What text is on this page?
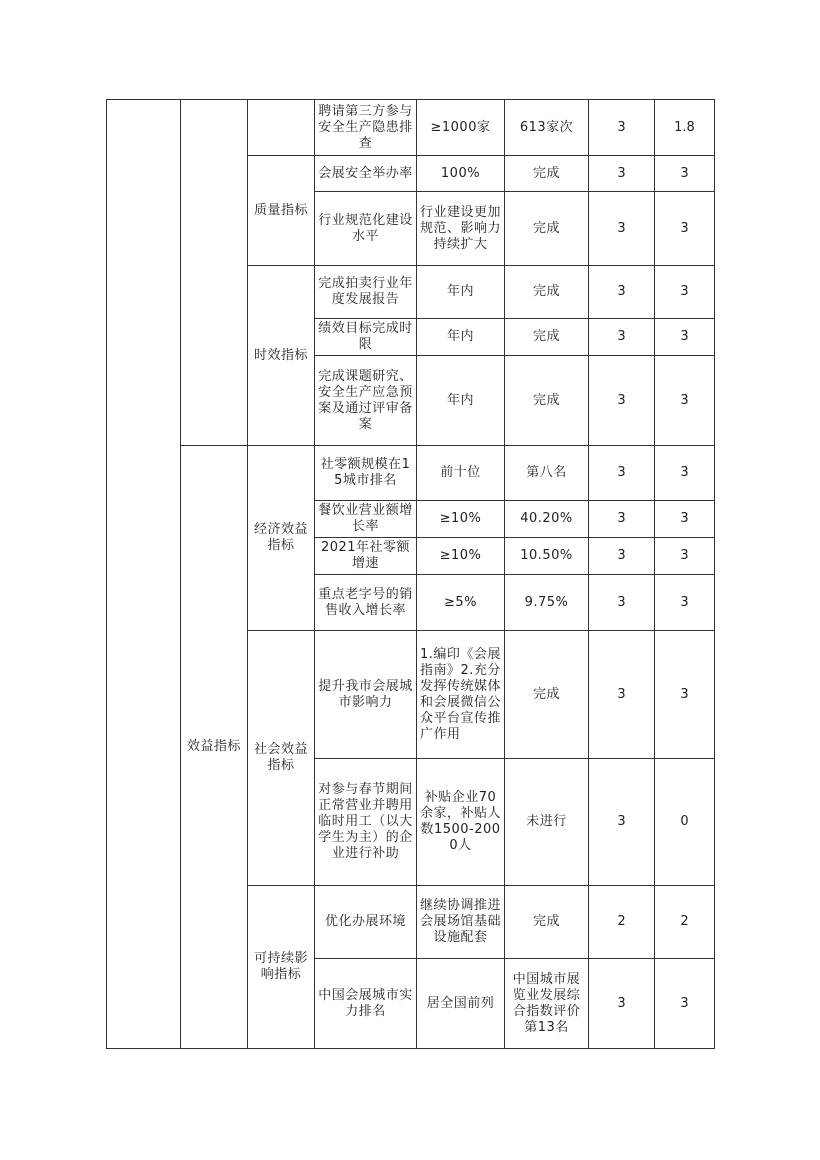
			聘请第三方参与安全生产隐患排查	≥1000家	613家次	3	1.8
		质量指标	会展安全举办率	100%	完成	3	3
			行业规范化建设水平	行业建设更加规范、影响力持续扩大	完成	3	3
		时效指标	完成拍卖行业年度发展报告	年内	完成	3	3
			绩效目标完成时限	年内	完成	3	3
			完成课题研究、安全生产应急预案及通过评审备案	年内	完成	3	3
	效益指标	经济效益指标	社零额规模在15城市排名	前十位	第八名	3	3
			餐饮业营业额增长率	≥10%	40.20%	3	3
			2021年社零额增速	≥10%	10.50%	3	3
			重点老字号的销售收入增长率	≥5%	9.75%	3	3
		社会效益指标	提升我市会展城市影响力	1.编印《会展指南》2.充分发挥传统媒体和会展微信公众平台宣传推广作用	完成	3	3
			对参与春节期间正常营业并聘用临时用工（以大学生为主）的企业进行补助	补贴企业70余家，补贴人数1500-2000人	未进行	3	0
		可持续影响指标	优化办展环境	继续协调推进会展场馆基础设施配套	完成	2	2
			中国会展城市实力排名	居全国前列	中国城市展览业发展综合指数评价第13名	3	3
